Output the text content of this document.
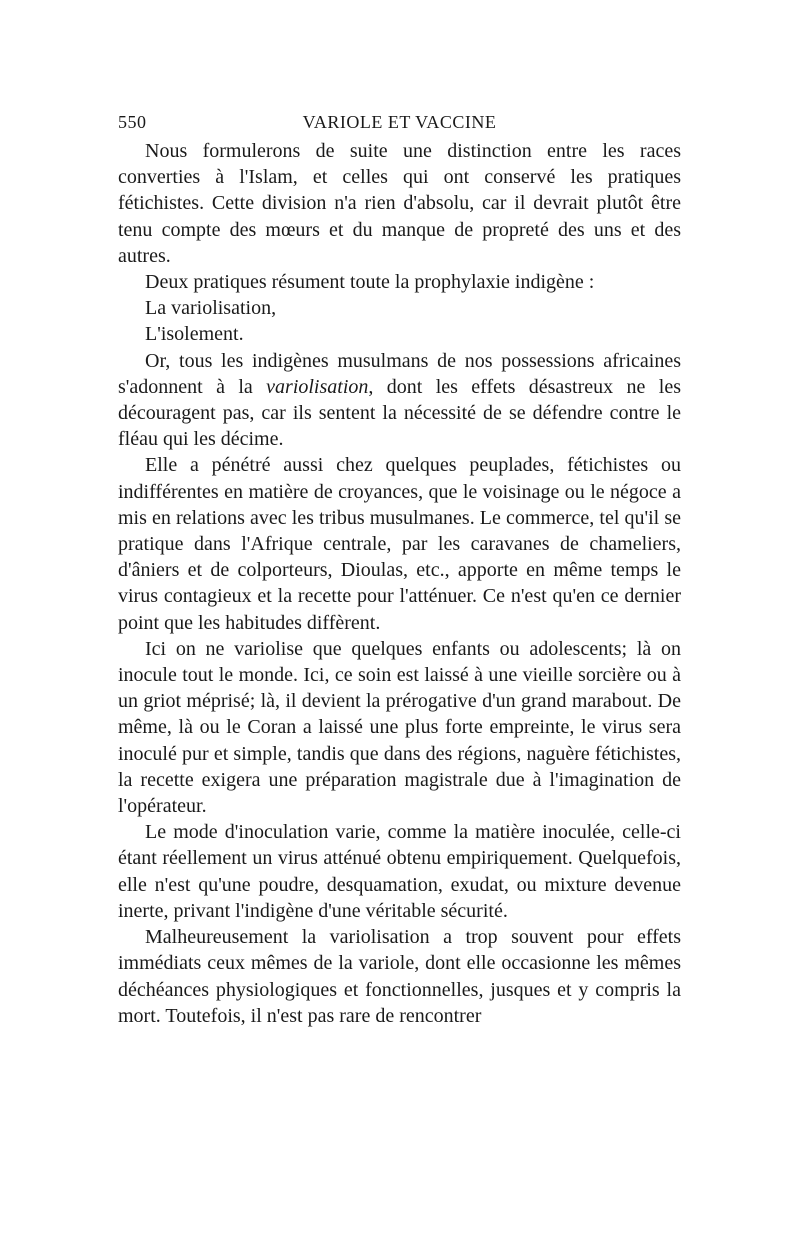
VARIOLE ET VACCINE
550

Nous formulerons de suite une distinction entre les races converties à l'Islam, et celles qui ont conservé les pratiques fétichistes. Cette division n'a rien d'absolu, car il devrait plutôt être tenu compte des mœurs et du manque de propreté des uns et des autres.

Deux pratiques résument toute la prophylaxie indigène :

La variolisation,

L'isolement.

Or, tous les indigènes musulmans de nos possessions africaines s'adonnent à la variolisation, dont les effets désastreux ne les découragent pas, car ils sentent la nécessité de se défendre contre le fléau qui les décime.

Elle a pénétré aussi chez quelques peuplades, fétichistes ou indifférentes en matière de croyances, que le voisinage ou le négoce a mis en relations avec les tribus musulmanes. Le commerce, tel qu'il se pratique dans l'Afrique centrale, par les caravanes de chameliers, d'âniers et de colporteurs, Dioulas, etc., apporte en même temps le virus contagieux et la recette pour l'atténuer. Ce n'est qu'en ce dernier point que les habitudes diffèrent.

Ici on ne variolise que quelques enfants ou adolescents; là on inocule tout le monde. Ici, ce soin est laissé à une vieille sorcière ou à un griot méprisé; là, il devient la prérogative d'un grand marabout. De même, là ou le Coran a laissé une plus forte empreinte, le virus sera inoculé pur et simple, tandis que dans des régions, naguère fétichistes, la recette exigera une préparation magistrale due à l'imagination de l'opérateur.

Le mode d'inoculation varie, comme la matière inoculée, celle-ci étant réellement un virus atténué obtenu empiriquement. Quelquefois, elle n'est qu'une poudre, desquamation, exudat, ou mixture devenue inerte, privant l'indigène d'une véritable sécurité.

Malheureusement la variolisation a trop souvent pour effets immédiats ceux mêmes de la variole, dont elle occasionne les mêmes déchéances physiologiques et fonctionnelles, jusques et y compris la mort. Toutefois, il n'est pas rare de rencontrer
